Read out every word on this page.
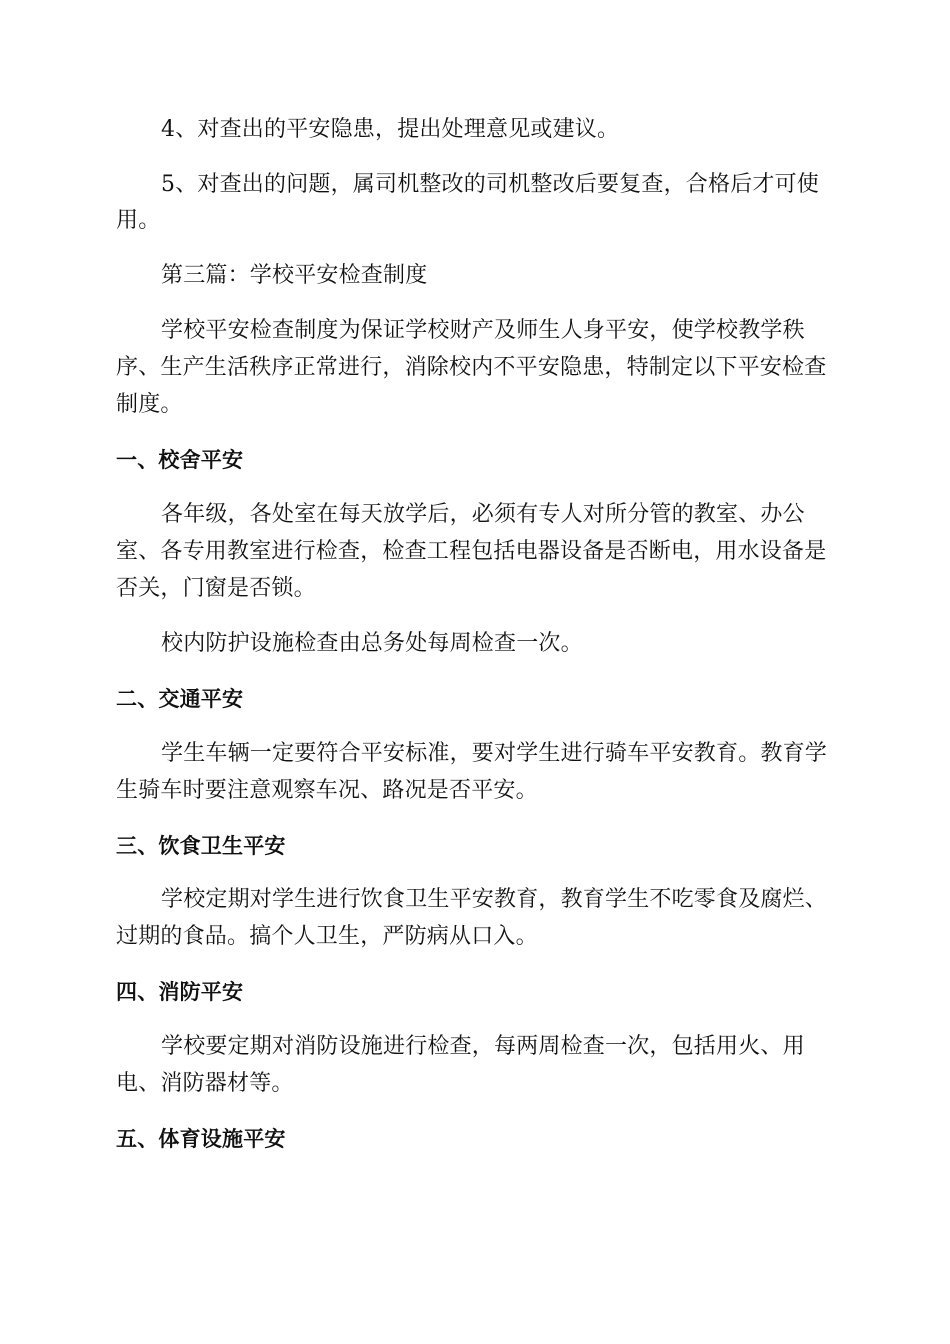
4、对查出的平安隐患，提出处理意见或建议。
5、对查出的问题，属司机整改的司机整改后要复查，合格后才可使
用。
第三篇：学校平安检查制度
学校平安检查制度为保证学校财产及师生人身平安，使学校教学秩
序、生产生活秩序正常进行，消除校内不平安隐患，特制定以下平安检查
制度。
一、校舍平安
各年级，各处室在每天放学后，必须有专人对所分管的教室、办公
室、各专用教室进行检查，检查工程包括电器设备是否断电，用水设备是
否关，门窗是否锁。
校内防护设施检查由总务处每周检查一次。
二、交通平安
学生车辆一定要符合平安标准，要对学生进行骑车平安教育。教育学
生骑车时要注意观察车况、路况是否平安。
三、饮食卫生平安
学校定期对学生进行饮食卫生平安教育，教育学生不吃零食及腐烂、
过期的食品。搞个人卫生，严防病从口入。
四、消防平安
学校要定期对消防设施进行检查，每两周检查一次，包括用火、用
电、消防器材等。
五、体育设施平安
